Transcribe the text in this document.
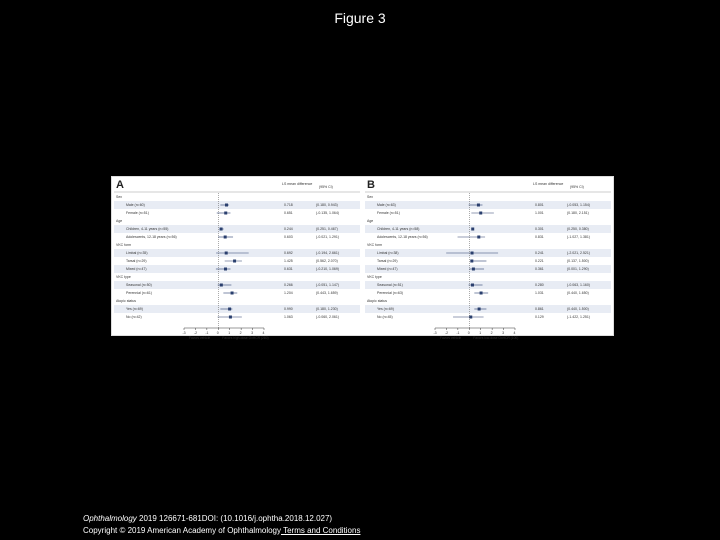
Figure 3
A	LS mean difference
(95% CI)
Sex
Male (n=60)	0.718	(0.180, 0.943)
Female (n=51)	0.651	(-0.135, 1.064)
Age
Children, 4-11 years (n=55)	0.244	(0.251, 0.467)
Adolescents, 12-18 years (n=56)	0.603	(-0.021, 1.291)
VKC form
Limbal (n=35)	0.692	(-0.194, 2.661)
Tarsal (n=29)	1.425	(0.562, 2.070)
Mixed (n=47)	0.631	(-0.210, 1.069)
VKC type
Seasonal (n=50)	0.266	(-0.051, 1.147)
Perennial (n=61)	1.204	(0.443, 1.659)
Atopic status
Yes (n=69)	0.990	(0.180, 1.230)
No (n=42)	1.063	(-0.060, 2.061)
-3 -2 -1 0	1	2	3	4
Favors vehicle	Favors high-dose OxHCR (280)
B	LS mean difference
(95% CI)
Sex
Male (n=63)	0.801	(-0.053, 1.154)
Female (n=51)	1.001	(0.180, 2.151)
Age
Children, 4-11 years (n=58)	0.301	(0.250, 0.380)
Adolescents, 12-18 years (n=56)	0.831	(-1.027, 1.381)
VKC form
Limbal (n=38)	0.241	(-2.021, 2.521)
Tarsal (n=29)	0.221	(0.137, 1.500)
Mixed (n=47)	0.361	(0.001, 1.290)
VKC type
Seasonal (n=51)	0.280	(-0.063, 1.160)
Perennial (n=63)	1.031	(0.440, 1.650)
Atopic status
Yes (n=69)	0.861	(0.440, 1.500)
No (n=45)	0.129	(-1.422, 1.251)
-3 -2 -1 0	1	2	3	4
Favors vehicle	Favors low-dose OxHCR (100)
Ophthalmology 2019 126671-681DOI: (10.1016/j.ophtha.2018.12.027)
Copyright © 2019 American Academy of Ophthalmology Terms and Conditions
